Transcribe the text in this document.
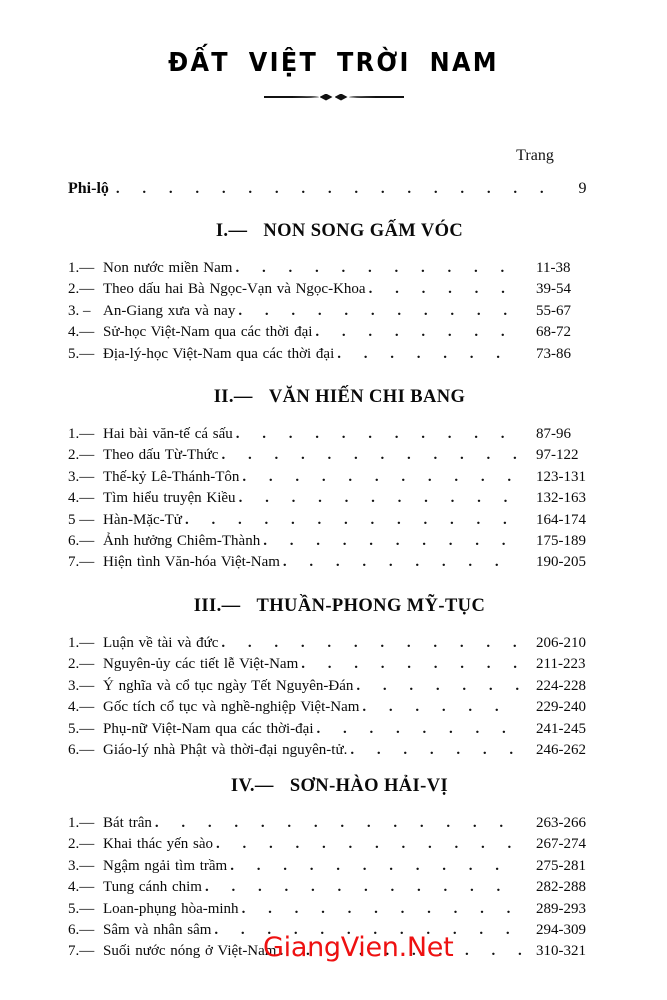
ĐẤT VIỆT TRỜI NAM
Trang
Phi-lộ . . .	9
I.— NON SONG GẤM VÓC
1.— Non nước miền Nam . . .	11-38
2.— Theo dấu hai Bà Ngọc-Vạn và Ngọc-Khoa . . .	39-54
3. – An-Giang xưa và nay . . .	55-67
4.— Sử-học Việt-Nam qua các thời đại . . .	68-72
5.— Địa-lý-học Việt-Nam qua các thời đại . . .	73-86
II.— VĂN HIẾN CHI BANG
1.— Hai bài văn-tế cá sấu . . .	87-96
2.— Theo dấu Từ-Thức . . .	97-122
3.— Thế-kỷ Lê-Thánh-Tôn . . .	123-131
4.— Tìm hiểu truyện Kiều . . .	132-163
5 — Hàn-Mặc-Tử . . .	164-174
6.— Ảnh hưởng Chiêm-Thành . . .	175-189
7.— Hiện tình Văn-hóa Việt-Nam . . .	190-205
III.— THUẦN-PHONG MỸ-TỤC
1.— Luận về tài và đức . . .	206-210
2.— Nguyên-ủy các tiết lễ Việt-Nam . . .	211-223
3.— Ý nghĩa và cổ tục ngày Tết Nguyên-Đán . . .	224-228
4.— Gốc tích cổ tục và nghề-nghiệp Việt-Nam . . .	229-240
5.— Phụ-nữ Việt-Nam qua các thời-đại . . .	241-245
6.— Giáo-lý nhà Phật và thời-đại nguyên-tử. . . .	246-262
IV.— SƠN-HÀO HẢI-VỊ
1.— Bát trân . . .	263-266
2.— Khai thác yến sào . . .	267-274
3.— Ngậm ngải tìm trầm . . .	275-281
4.— Tung cánh chim . . .	282-288
5.— Loan-phụng hòa-minh . . .	289-293
6.— Sâm và nhân sâm . . .	294-309
7.— Suối nước nóng ở Việt-Nam . . .	310-321
GiangVien.Net
